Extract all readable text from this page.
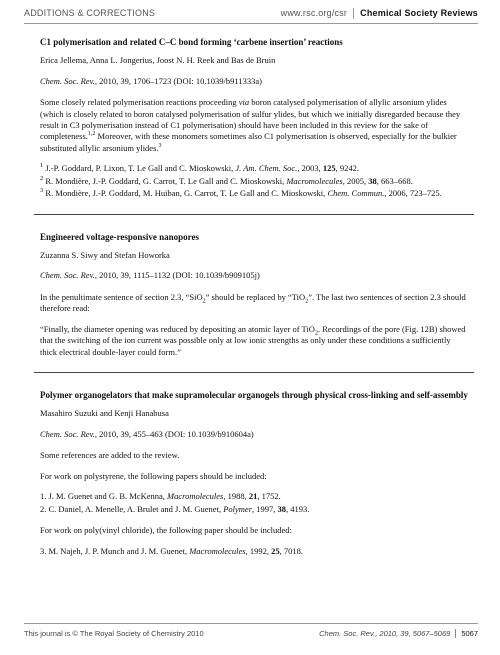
ADDITIONS & CORRECTIONS	www.rsc.org/csr Chemical Society Reviews
C1 polymerisation and related C–C bond forming ‘carbene insertion’ reactions
Erica Jellema, Anna L. Jongerius, Joost N. H. Reek and Bas de Bruin
Chem. Soc. Rev., 2010, 39, 1706–1723 (DOI: 10.1039/b911333a)

Some closely related polymerisation reactions proceeding via boron catalysed polymerisation of allylic arsonium ylides (which is closely related to boron catalysed polymerisation of sulfur ylides, but which we initially disregarded because they result in C3 polymerisation instead of C1 polymerisation) should have been included in this review for the sake of completeness.$^{1,2}$ Moreover, with these monomers sometimes also C1 polymerisation is observed, especially for the bulkier substituted allylic arsonium ylides.$^3$

$^1$ J.-P. Goddard, P. Lixon, T. Le Gall and C. Mioskowski, J. Am. Chem. Soc., 2003, 125, 9242.
$^2$ R. Mondière, J.-P. Goddard, G. Carrot, T. Le Gall and C. Mioskowski, Macromolecules, 2005, 38, 663–668.
$^3$ R. Mondière, J.-P. Goddard, M. Huiban, G. Carrot, T. Le Gall and C. Mioskowski, Chem. Commun., 2006, 723–725.
Engineered voltage-responsive nanopores
Zuzanna S. Siwy and Stefan Howorka
Chem. Soc. Rev., 2010, 39, 1115–1132 (DOI: 10.1039/b909105j)

In the penultimate sentence of section 2.3, “SiO$_2$” should be replaced by “TiO$_2$”. The last two sentences of section 2.3 should therefore read:

“Finally, the diameter opening was reduced by depositing an atomic layer of TiO$_2$. Recordings of the pore (Fig. 12B) showed that the switching of the ion current was possible only at low ionic strengths as only under these conditions a sufficiently thick electrical double-layer could form.”

Polymer organogelators that make supramolecular organogels through physical cross-linking and self-assembly
Masahiro Suzuki and Kenji Hanabusa
Chem. Soc. Rev., 2010, 39, 455–463 (DOI: 10.1039/b910604a)

Some references are added to the review.

For work on polystyrene, the following papers should be included:

1. J. M. Guenet and G. B. McKenna, Macromolecules, 1988, 21, 1752.
2. C. Daniel, A. Menelle, A. Brulet and J. M. Guenet, Polymer, 1997, 38, 4193.

For work on poly(vinyl chloride), the following paper should be included:

3. M. Najeh, J. P. Munch and J. M. Guenet, Macromolecules, 1992, 25, 7018.
This journal is © The Royal Society of Chemistry 2010	Chem. Soc. Rev., 2010, 39, 5067–5069 5067
